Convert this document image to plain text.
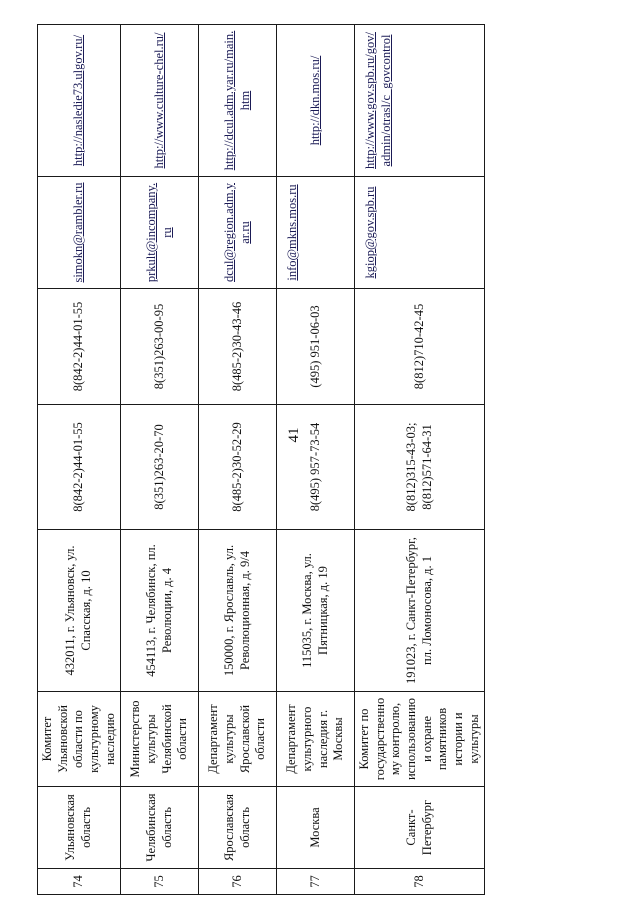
41
74	Ульяновская область	Комитет Ульяновской области по культурному наследию	432011, г. Ульяновск, ул. Спасская, д. 10	8(842-2)44-01-55	8(842-2)44-01-55	simokn@rambler.ru	http://nasledie73.ulgov.ru/
75	Челябинская область	Министерство культуры Челябинской области	454113, г. Челябинск, пл. Революции, д. 4	8(351)263-20-70	8(351)263-00-95	prkult@incompany.ru	http://www.culture-chel.ru/
76	Ярославская область	Департамент культуры Ярославской области	150000, г. Ярославль, ул. Революционная, д. 9/4	8(485-2)30-52-29	8(485-2)30-43-46	dcul@region.adm.yar.ru	http://dcul.adm.yar.ru/main.htm
77	Москва	Департамент культурного наследия г. Москвы	115035, г. Москва, ул. Пятницкая, д. 19	8(495) 957-73-54	(495) 951-06-03	info@mkns.mos.ru	http://dkn.mos.ru/
78	Санкт-Петербург	Комитет по государственному контролю, использованию и охране памятников истории и культуры	191023, г. Санкт-Петербург, пл. Ломоносова, д. 1	8(812)315-43-03; 8(812)571-64-31	8(812)710-42-45	kgiop@gov.spb.ru	http://www.gov.spb.ru/gov/admin/otrasl/c_govcontrol
